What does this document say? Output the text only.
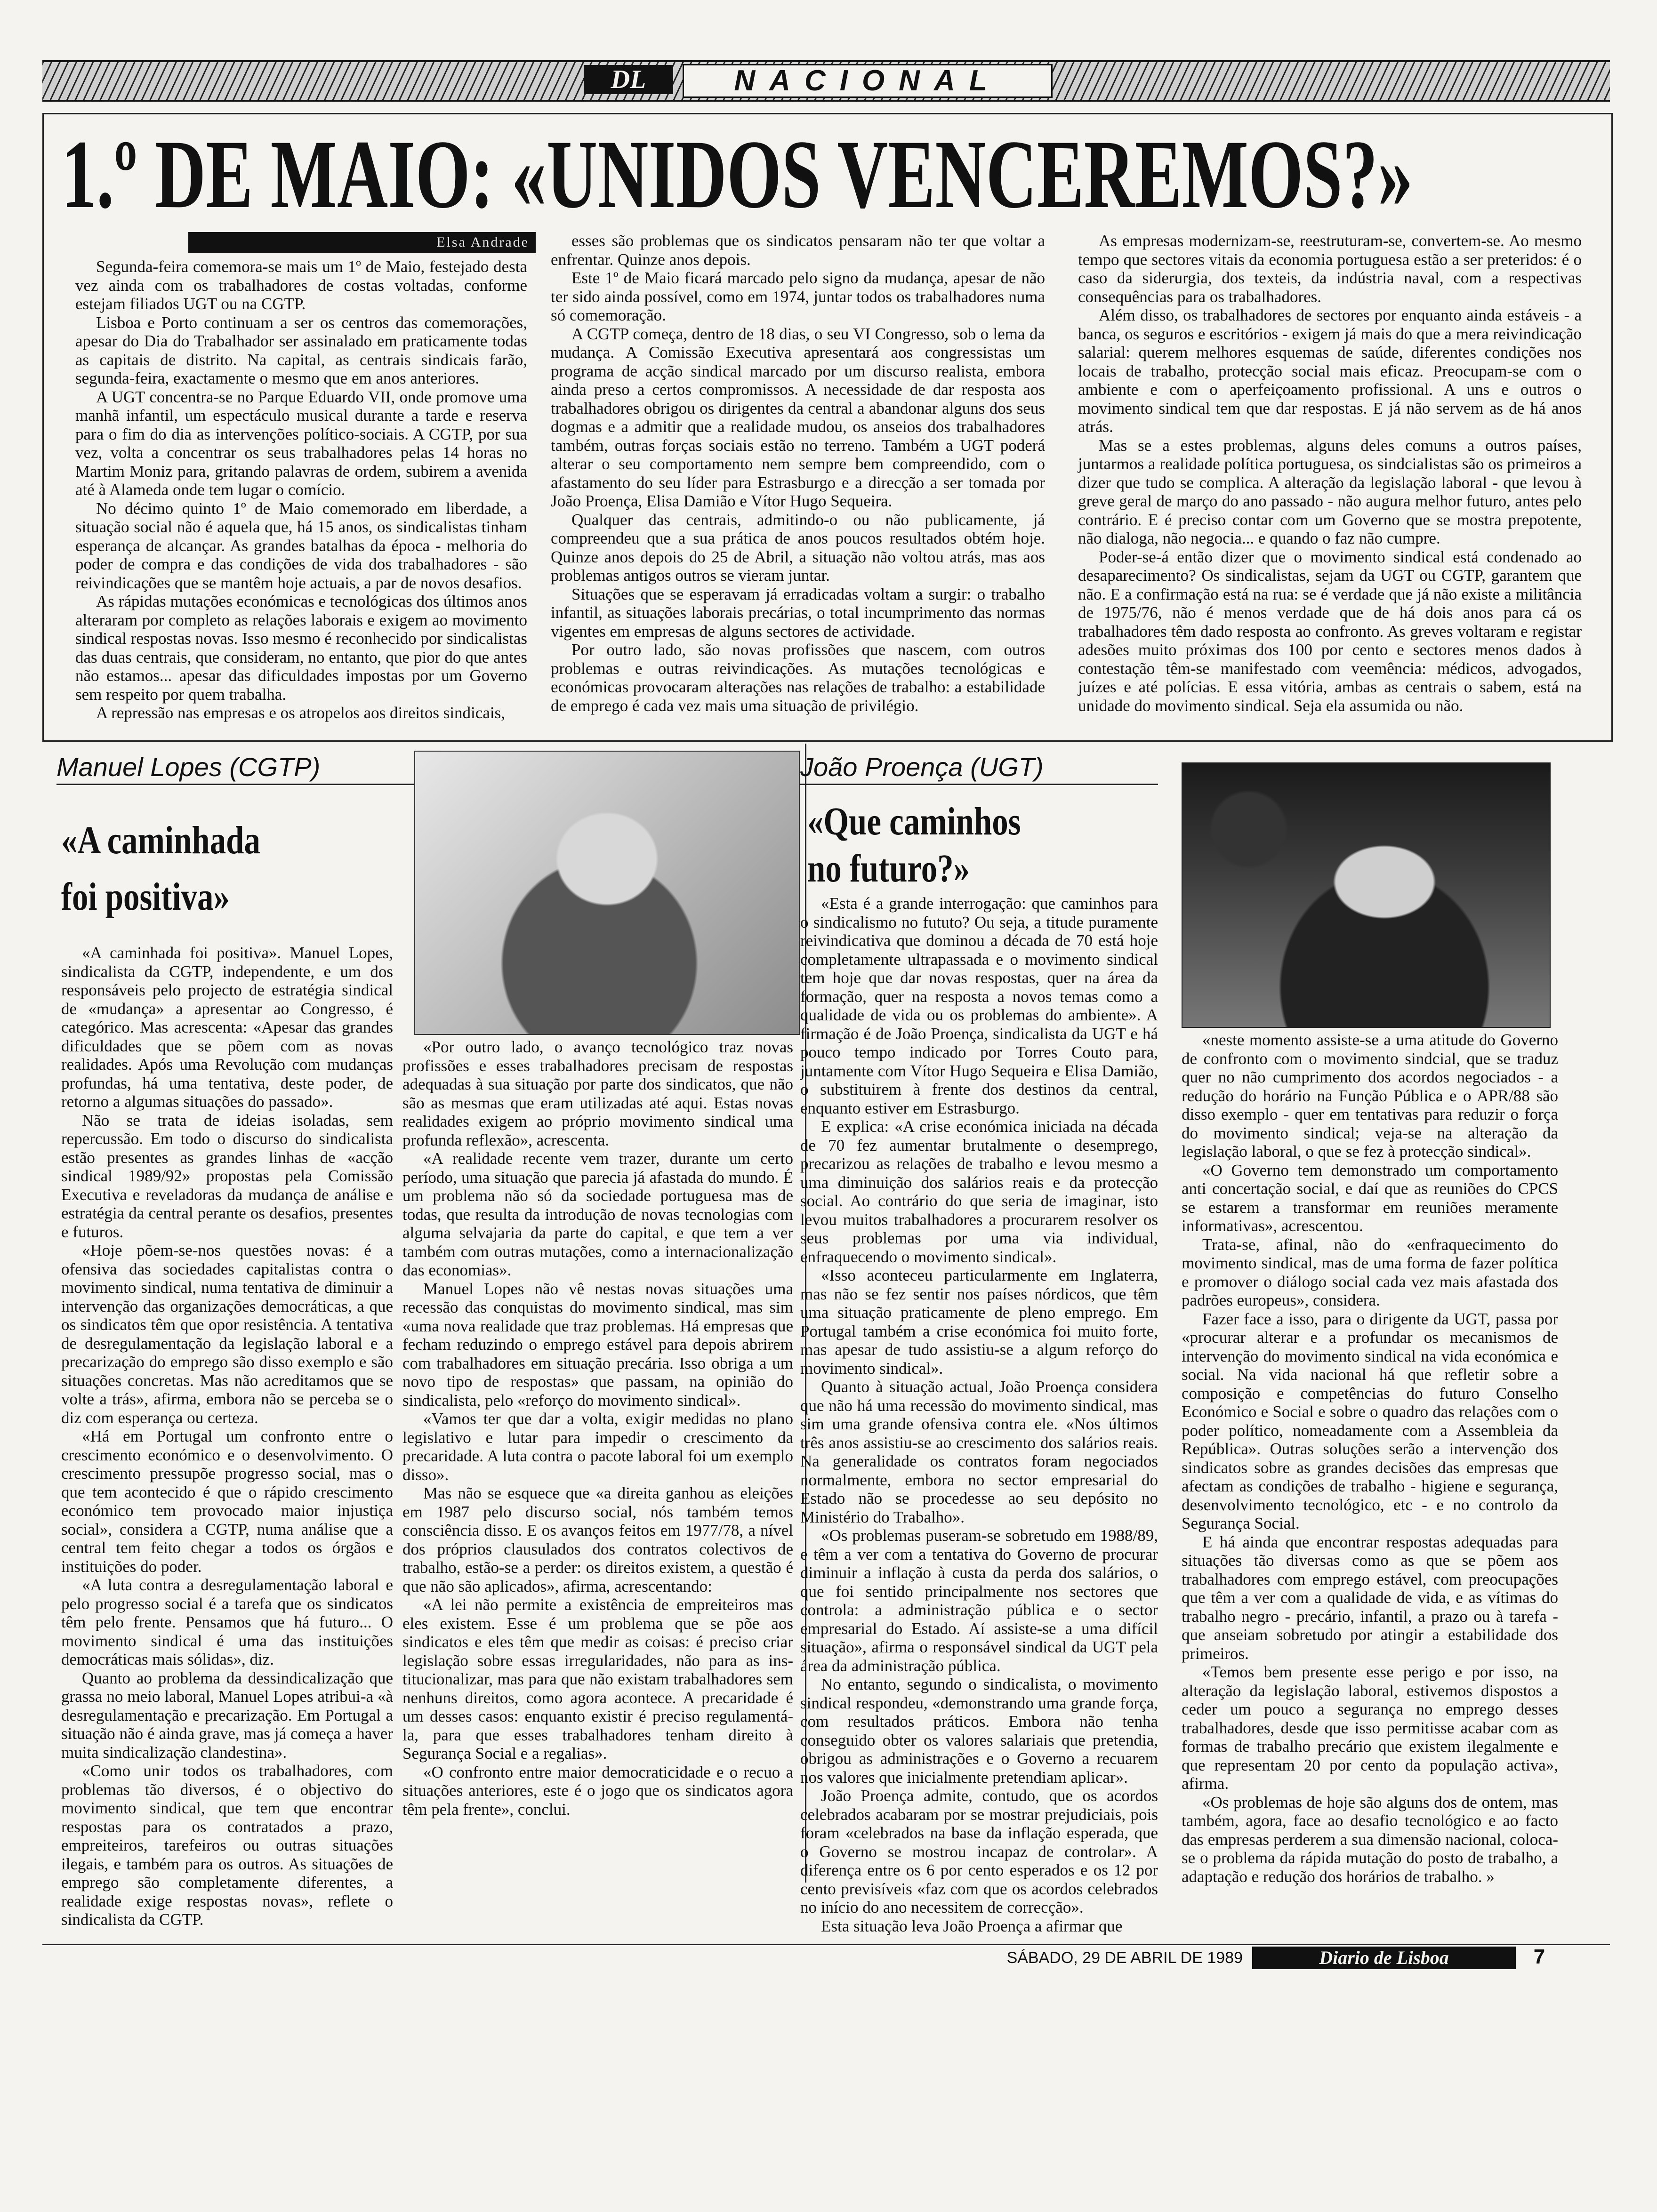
DL	NACIONAL
1.º DE MAIO: «UNIDOS VENCEREMOS?»
Elsa Andrade

Segunda-feira comemora-se mais um 1º de Maio, festejado desta vez ainda com os trabalhadores de costas voltadas, conforme estejam filiados UGT ou na CGTP.

Lisboa e Porto continuam a ser os centros das comemorações, apesar do Dia do Trabalhador ser assinalado em praticamente todas as capitais de distrito. Na capital, as centrais sindicais farão, segunda-feira, exactamente o mesmo que em anos anteriores.

A UGT concentra-se no Parque Eduardo VII, onde promove uma manhã infantil, um espectáculo musical durante a tarde e reserva para o fim do dia as intervenções político-sociais. A CGTP, por sua vez, volta a concentrar os seus trabalhadores pelas 14 horas no Martim Moniz para, gritando palavras de ordem, subirem a avenida até à Alameda onde tem lugar o comício.

No décimo quinto 1º de Maio comemorado em liberdade, a situação social não é aquela que, há 15 anos, os sindicalistas tinham esperança de alcançar. As grandes batalhas da época - melhoria do poder de compra e das condições de vida dos trabalhadores - são reivindicações que se mantêm hoje actuais, a par de novos desafios.

As rápidas mutações económicas e tecnológicas dos últimos anos alteraram por completo as relações laborais e exigem ao movimento sindical respostas novas. Isso mesmo é reconhecido por sindicalistas das duas centrais, que consideram, no entanto, que pior do que antes não estamos... apesar das dificuldades impostas por um Governo sem respeito por quem trabalha.

A repressão nas empresas e os atropelos aos direitos sindicais,

esses são problemas que os sindicatos pensaram não ter que voltar a enfrentar. Quinze anos depois.

Este 1º de Maio ficará marcado pelo signo da mudança, apesar de não ter sido ainda possível, como em 1974, juntar todos os trabalhadores numa só comemoração.

A CGTP começa, dentro de 18 dias, o seu VI Congresso, sob o lema da mudança. A Comissão Executiva apresentará aos congressistas um programa de acção sindical marcado por um discurso realista, embora ainda preso a certos compromissos. A necessidade de dar resposta aos trabalhadores obrigou os dirigentes da central a abandonar alguns dos seus dogmas e a admitir que a realidade mudou, os anseios dos trabalhadores também, outras forças sociais estão no terreno. Também a UGT poderá alterar o seu comportamento nem sempre bem compreendido, com o afastamento do seu líder para Estrasburgo e a direcção a ser tomada por João Proença, Elisa Damião e Vítor Hugo Sequeira.

Qualquer das centrais, admitindo-o ou não publicamente, já compreendeu que a sua prática de anos poucos resultados obtém hoje. Quinze anos depois do 25 de Abril, a situação não voltou atrás, mas aos problemas antigos outros se vieram juntar.

Situações que se esperavam já erradicadas voltam a surgir: o trabalho infantil, as situações laborais precárias, o total incumprimento das normas vigentes em empresas de alguns sectores de actividade.

Por outro lado, são novas profissões que nascem, com outros problemas e outras reivindicações. As mutações tecnológicas e económicas provocaram alterações nas relações de trabalho: a estabilidade de emprego é cada vez mais uma situação de privilégio.

As empresas modernizam-se, reestruturam-se, convertem-se. Ao mesmo tempo que sectores vitais da economia portuguesa estão a ser preteridos: é o caso da siderurgia, dos texteis, da indústria naval, com a respectivas consequências para os trabalhadores.

Além disso, os trabalhadores de sectores por enquanto ainda estáveis - a banca, os seguros e escritórios - exigem já mais do que a mera reivindicação salarial: querem melhores esquemas de saúde, diferentes condições nos locais de trabalho, protecção social mais eficaz. Preocupam-se com o ambiente e com o aperfeiçoamento profissional. A uns e outros o movimento sindical tem que dar respostas. E já não servem as de há anos atrás.

Mas se a estes problemas, alguns deles comuns a outros países, juntarmos a realidade política portuguesa, os sindcialistas são os primeiros a dizer que tudo se complica. A alteração da legislação laboral - que levou à greve geral de março do ano passado - não augura melhor futuro, antes pelo contrário. E é preciso contar com um Governo que se mostra prepotente, não dialoga, não negocia... e quando o faz não cumpre.

Poder-se-á então dizer que o movimento sindical está condenado ao desaparecimento? Os sindicalistas, sejam da UGT ou CGTP, garantem que não. E a confirmação está na rua: se é verdade que já não existe a militância de 1975/76, não é menos verdade que de há dois anos para cá os trabalhadores têm dado resposta ao confronto. As greves voltaram e registar adesões muito próximas dos 100 por cento e sectores menos dados à contestação têm-se manifestado com veemência: médicos, advogados, juízes e até polícias. E essa vitória, ambas as centrais o sabem, está na unidade do movimento sindical. Seja ela assumida ou não.

Manuel Lopes (CGTP)
«A caminhada
foi positiva»

«A caminhada foi positiva». Manuel Lopes, sindicalista da CGTP, independente, e um dos responsáveis pelo projecto de estratégia sindical de «mudança» a apresentar ao Congresso, é categórico. Mas acrescenta: «Apesar das grandes dificuldades que se põem com as novas realidades. Após uma Revolução com mudanças profundas, há uma tentativa, deste poder, de retorno a algumas situações do passado».

Não se trata de ideias isoladas, sem repercussão. Em todo o discurso do sindicalista estão presentes as grandes linhas de «acção sindical 1989/92» propostas pela Comissão Executiva e reveladoras da mudança de análise e estratégia da central perante os desafios, presentes e futuros.

«Hoje põem-se-nos questões novas: é a ofensiva das sociedades capitalistas contra o movimento sindical, numa tentativa de diminuir a intervenção das organizações democráticas, a que os sindicatos têm que opor resistência. A tentativa de desregulamentação da legislação laboral e a precarização do emprego são disso exemplo e são situações concretas. Mas não acreditamos que se volte a trás», afirma, embora não se perceba se o diz com esperança ou certeza.

«Há em Portugal um confronto entre o crescimento económico e o desenvolvimento. O crescimento pressupõe progresso social, mas o que tem acontecido é que o rápido crescimento económico tem provocado maior injustiça social», considera a CGTP, numa análise que a central tem feito chegar a todos os órgãos e instituições do poder.

«A luta contra a desregulamentação laboral e pelo progresso social é a tarefa que os sindicatos têm pelo frente. Pensamos que há futuro... O movimento sindical é uma das instituições democráticas mais sólidas», diz.

Quanto ao problema da dessindicalização que grassa no meio laboral, Manuel Lopes atribui-a «à desregulamentação e precarização. Em Portugal a situação não é ainda grave, mas já começa a haver muita sindicalização clandestina».

«Como unir todos os trabalhadores, com problemas tão diversos, é o objectivo do movimento sindical, que tem que encontrar respostas para os contratados a prazo, empreiteiros, tarefeiros ou outras situações ilegais, e também para os outros. As situações de emprego são completamente diferentes, a realidade exige respostas novas», reflete o sindicalista da CGTP.

«Por outro lado, o avanço tecnológico traz novas profissões e esses trabalhadores precisam de respostas adequadas à sua situação por parte dos sindicatos, que não são as mesmas que eram utilizadas até aqui. Estas novas realidades exigem ao próprio movimento sindical uma profunda reflexão», acrescenta.

«A realidade recente vem trazer, durante um certo período, uma situação que parecia já afastada do mundo. É um problema não só da sociedade portuguesa mas de todas, que resulta da introdução de novas tecnologias com alguma selvajaria da parte do capital, e que tem a ver também com outras mutações, como a internacionalização das economias».

Manuel Lopes não vê nestas novas situações uma recessão das conquistas do movimento sindical, mas sim «uma nova realidade que traz problemas. Há empresas que fecham reduzindo o emprego estável para depois abrirem com trabalhadores em situação precária. Isso obriga a um novo tipo de respostas» que passam, na opinião do sindicalista, pelo «reforço do movimento sindical».

«Vamos ter que dar a volta, exigir medidas no plano legislativo e lutar para impedir o crescimento da precaridade. A luta contra o pacote laboral foi um exemplo disso».

Mas não se esquece que «a direita ganhou as eleições em 1987 pelo discurso social, nós também temos consciência disso. E os avanços feitos em 1977/78, a nível dos próprios clausulados dos contratos colectivos de trabalho, estão-se a perder: os direitos existem, a questão é que não são aplicados», afirma, acrescentando:

«A lei não permite a existência de empreiteiros mas eles existem. Esse é um problema que se põe aos sindicatos e eles têm que medir as coisas: é preciso criar legislação sobre essas irregularidades, não para as ins-titucionalizar, mas para que não existam trabalhadores sem nenhuns direitos, como agora acontece. A precaridade é um desses casos: enquanto existir é preciso regulamentá-la, para que esses trabalhadores tenham direito à Segurança Social e a regalias».

«O confronto entre maior democraticidade e o recuo a situações anteriores, este é o jogo que os sindicatos agora têm pela frente», conclui.

João Proença (UGT)
«Que caminhos
no futuro?»

«Esta é a grande interrogação: que caminhos para o sindicalismo no fututo? Ou seja, a titude puramente reivindicativa que dominou a década de 70 está hoje completamente ultrapassada e o movimento sindical tem hoje que dar novas respostas, quer na área da formação, quer na resposta a novos temas como a qualidade de vida ou os problemas do ambiente». A firmação é de João Proença, sindicalista da UGT e há pouco tempo indicado por Torres Couto para, juntamente com Vítor Hugo Sequeira e Elisa Damião, o substituirem à frente dos destinos da central, enquanto estiver em Estrasburgo.

E explica: «A crise económica iniciada na década de 70 fez aumentar brutalmente o desemprego, precarizou as relações de trabalho e levou mesmo a uma diminuição dos salários reais e da protecção social. Ao contrário do que seria de imaginar, isto levou muitos trabalhadores a procurarem resolver os seus problemas por uma via individual, enfraquecendo o movimento sindical».

«Isso aconteceu particularmente em Inglaterra, mas não se fez sentir nos países nórdicos, que têm uma situação praticamente de pleno emprego. Em Portugal também a crise económica foi muito forte, mas apesar de tudo assistiu-se a algum reforço do movimento sindical».

Quanto à situação actual, João Proença considera que não há uma recessão do movimento sindical, mas sim uma grande ofensiva contra ele. «Nos últimos três anos assistiu-se ao crescimento dos salários reais. Na generalidade os contratos foram negociados normalmente, embora no sector empresarial do Estado não se procedesse ao seu depósito no Ministério do Trabalho».

«Os problemas puseram-se sobretudo em 1988/89, e têm a ver com a tentativa do Governo de procurar diminuir a inflação à custa da perda dos salários, o que foi sentido principalmente nos sectores que controla: a administração pública e o sector empresarial do Estado. Aí assiste-se a uma difícil situação», afirma o responsável sindical da UGT pela área da administração pública.

No entanto, segundo o sindicalista, o movimento sindical respondeu, «demonstrando uma grande força, com resultados práticos. Embora não tenha conseguido obter os valores salariais que pretendia, obrigou as administrações e o Governo a recuarem nos valores que inicialmente pretendiam aplicar».

João Proença admite, contudo, que os acordos celebrados acabaram por se mostrar prejudiciais, pois foram «celebrados na base da inflação esperada, que o Governo se mostrou incapaz de controlar». A diferença entre os 6 por cento esperados e os 12 por cento previsíveis «faz com que os acordos celebrados no início do ano necessitem de correcção».

Esta situação leva João Proença a afirmar que

«neste momento assiste-se a uma atitude do Governo de confronto com o movimento sindcial, que se traduz quer no não cumprimento dos acordos negociados - a redução do horário na Função Pública e o APR/88 são disso exemplo - quer em tentativas para reduzir o força do movimento sindical; veja-se na alteração da legislação laboral, o que se fez à protecção sindical».

«O Governo tem demonstrado um comportamento anti concertação social, e daí que as reuniões do CPCS se estarem a transformar em reuniões meramente informativas», acrescentou.

Trata-se, afinal, não do «enfraquecimento do movimento sindical, mas de uma forma de fazer política e promover o diálogo social cada vez mais afastada dos padrões europeus», considera.

Fazer face a isso, para o dirigente da UGT, passa por «procurar alterar e a profundar os mecanismos de intervenção do movimento sindical na vida económica e social. Na vida nacional há que refletir sobre a composição e competências do futuro Conselho Económico e Social e sobre o quadro das relações com o poder político, nomeadamente com a Assembleia da República». Outras soluções serão a intervenção dos sindicatos sobre as grandes decisões das empresas que afectam as condições de trabalho - higiene e segurança, desenvolvimento tecnológico, etc - e no controlo da Segurança Social.

E há ainda que encontrar respostas adequadas para situações tão diversas como as que se põem aos trabalhadores com emprego estável, com preocupações que têm a ver com a qualidade de vida, e as vítimas do trabalho negro - precário, infantil, a prazo ou à tarefa - que anseiam sobretudo por atingir a estabilidade dos primeiros.

«Temos bem presente esse perigo e por isso, na alteração da legislação laboral, estivemos dispostos a ceder um pouco a segurança no emprego desses trabalhadores, desde que isso permitisse acabar com as formas de trabalho precário que existem ilegalmente e que representam 20 por cento da população activa», afirma.

«Os problemas de hoje são alguns dos de ontem, mas também, agora, face ao desafio tecnológico e ao facto das empresas perderem a sua dimensão nacional, coloca-se o problema da rápida mutação do posto de trabalho, a adaptação e redução dos horários de trabalho. »

SÁBADO, 29 DE ABRIL DE 1989	Diario de Lisboa	7
